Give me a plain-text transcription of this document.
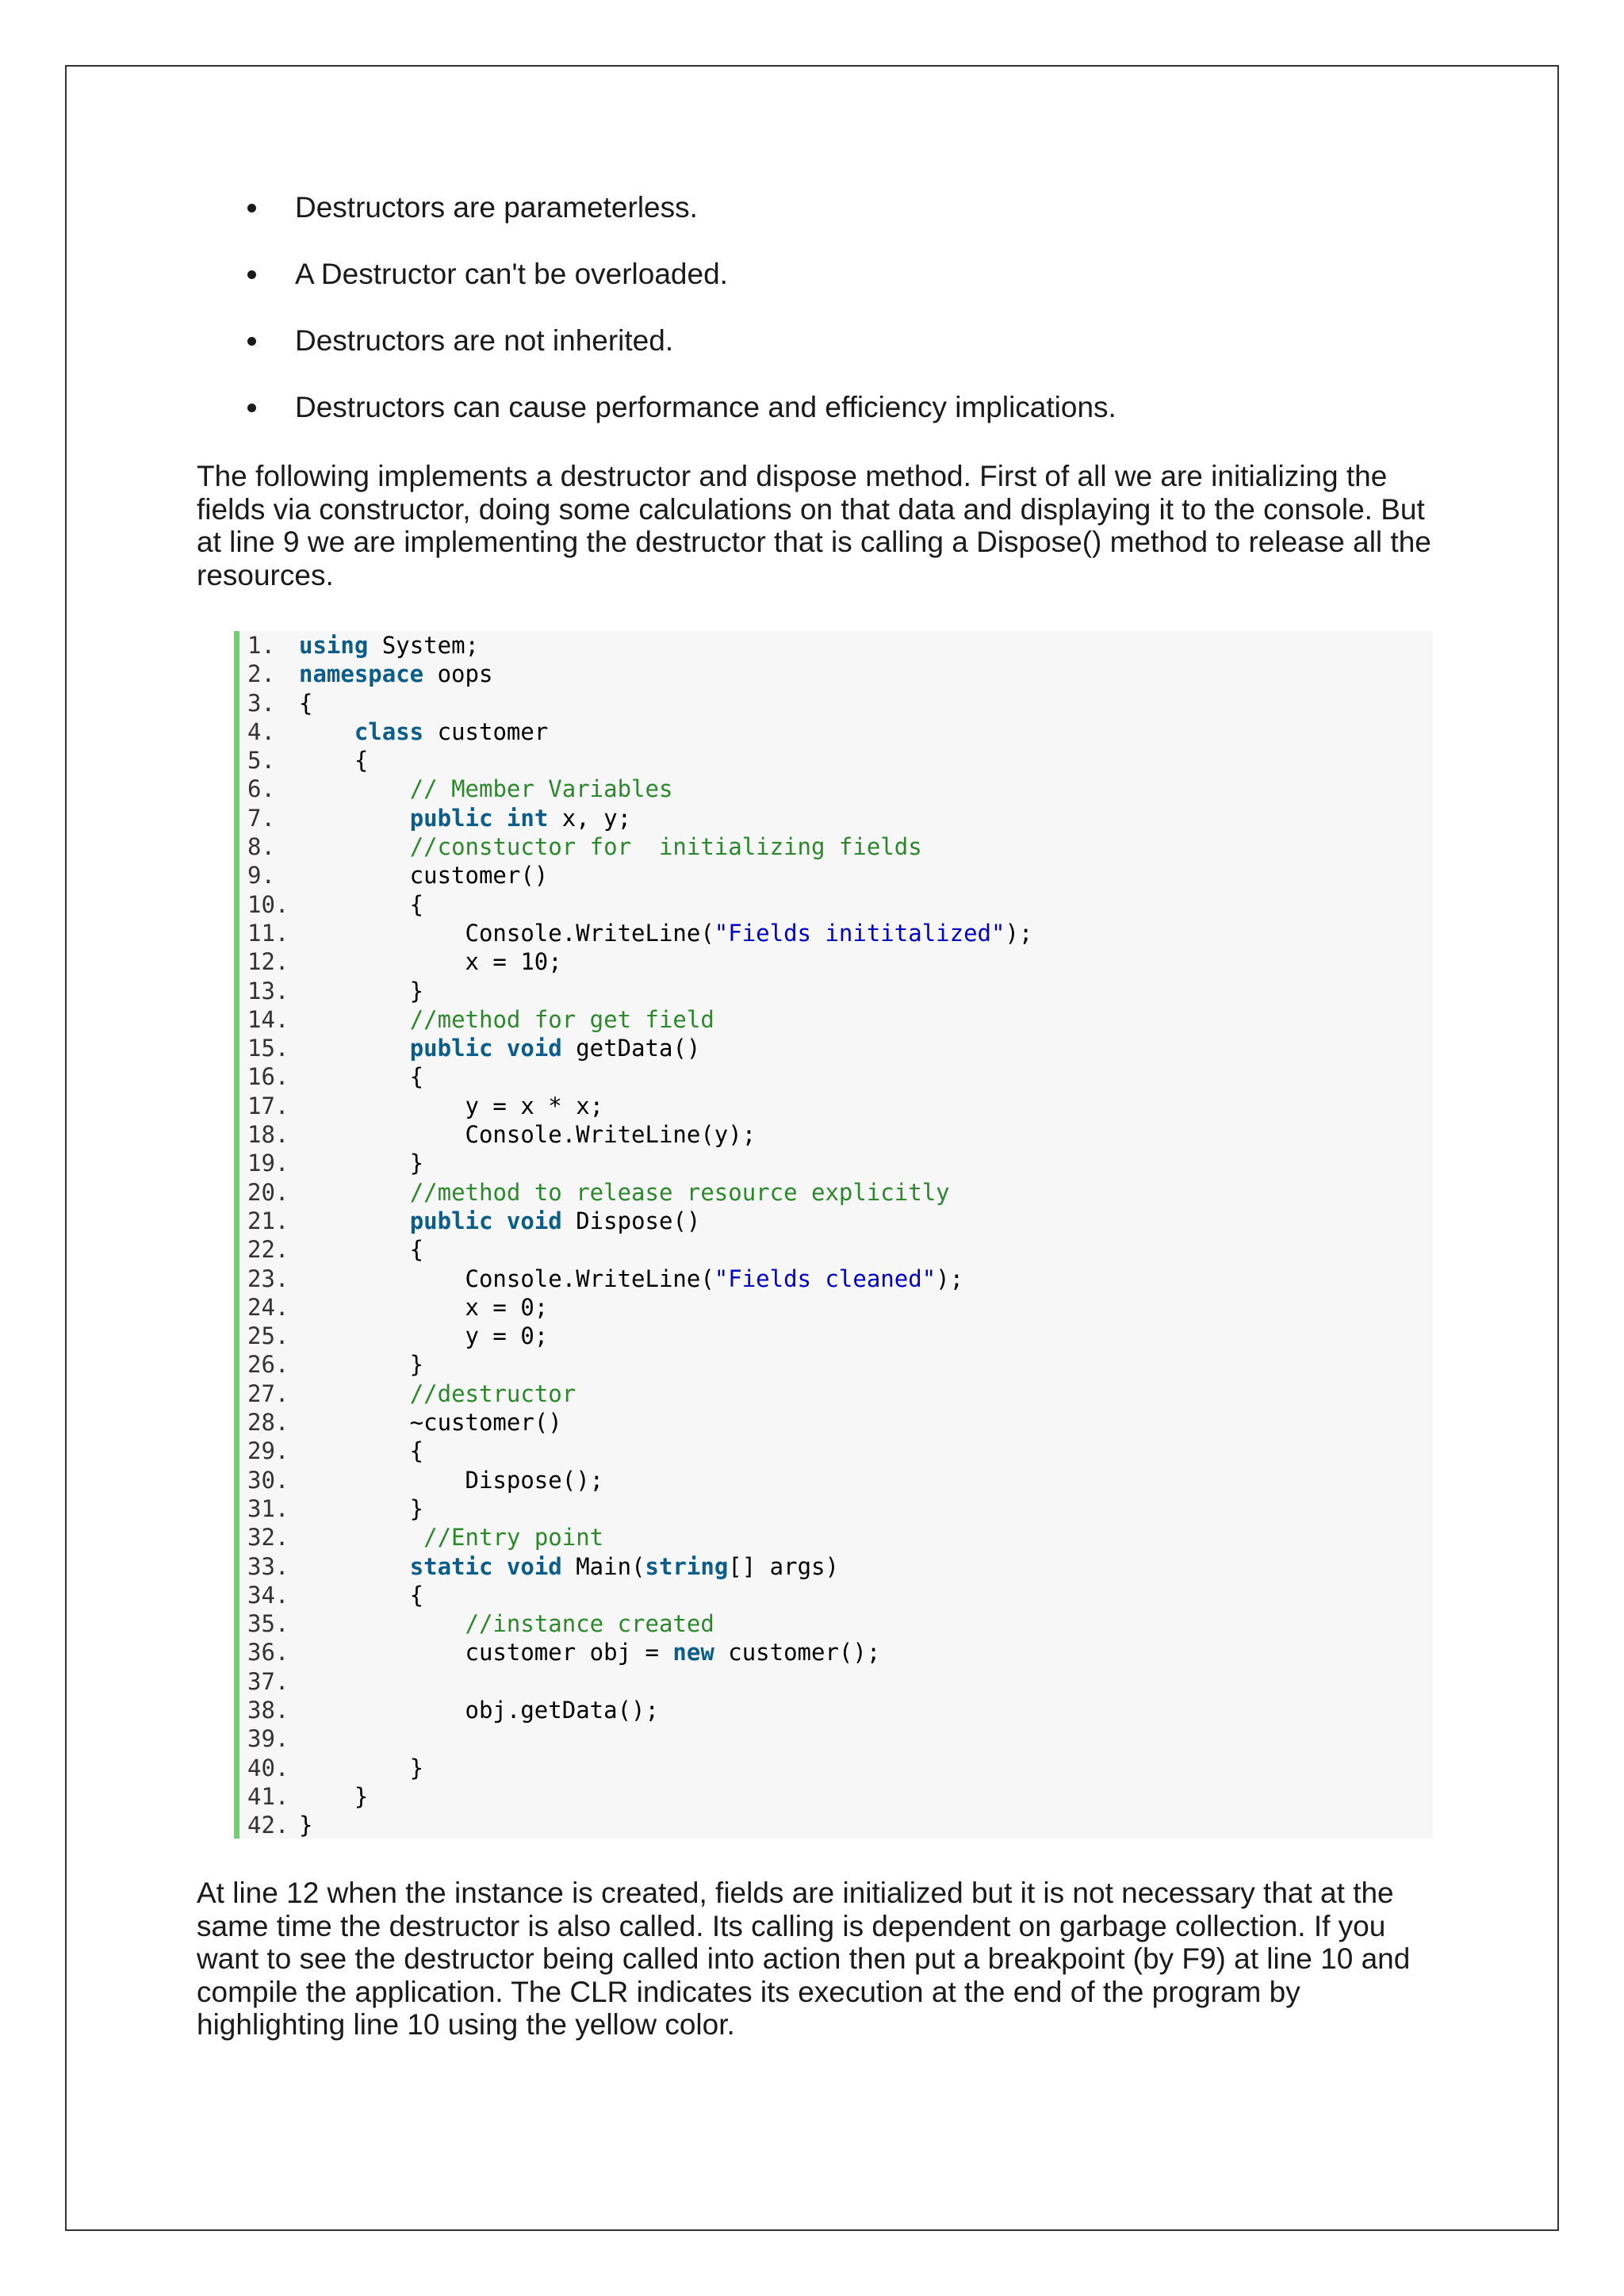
Destructors are parameterless.
A Destructor can't be overloaded.
Destructors are not inherited.
Destructors can cause performance and efficiency implications.

The following implements a destructor and dispose method. First of all we are initializing the fields via constructor, doing some calculations on that data and displaying it to the console. But at line 9 we are implementing the destructor that is calling a Dispose() method to release all the resources.

1. using System;
2. namespace oops
3. {
4.	class customer
5. {
6.	// Member Variables
7.	public int x, y;
8.	//constuctor for  initializing fields
9. customer()
10. {
11. Console.WriteLine("Fields inititalized");
12. x = 10;
13. }
14.	//method for get field
15.	public void getData()
16. {
17. y = x * x;
18. Console.WriteLine(y);
19. }
20.	//method to release resource explicitly
21.	public void Dispose()
22. {
23. Console.WriteLine("Fields cleaned");
24. x = 0;
25. y = 0;
26. }
27.	//destructor
28. ~customer()
29. {
30. Dispose();
31. }
32.	//Entry point
33.	static void Main(string[] args)
34. {
35.	//instance created
36. customer obj = new customer();
37.
38. obj.getData();
39.
40. }
41. }
42. }

At line 12 when the instance is created, fields are initialized but it is not necessary that at the same time the destructor is also called. Its calling is dependent on garbage collection. If you want to see the destructor being called into action then put a breakpoint (by F9) at line 10 and compile the application. The CLR indicates its execution at the end of the program by highlighting line 10 using the yellow color.
